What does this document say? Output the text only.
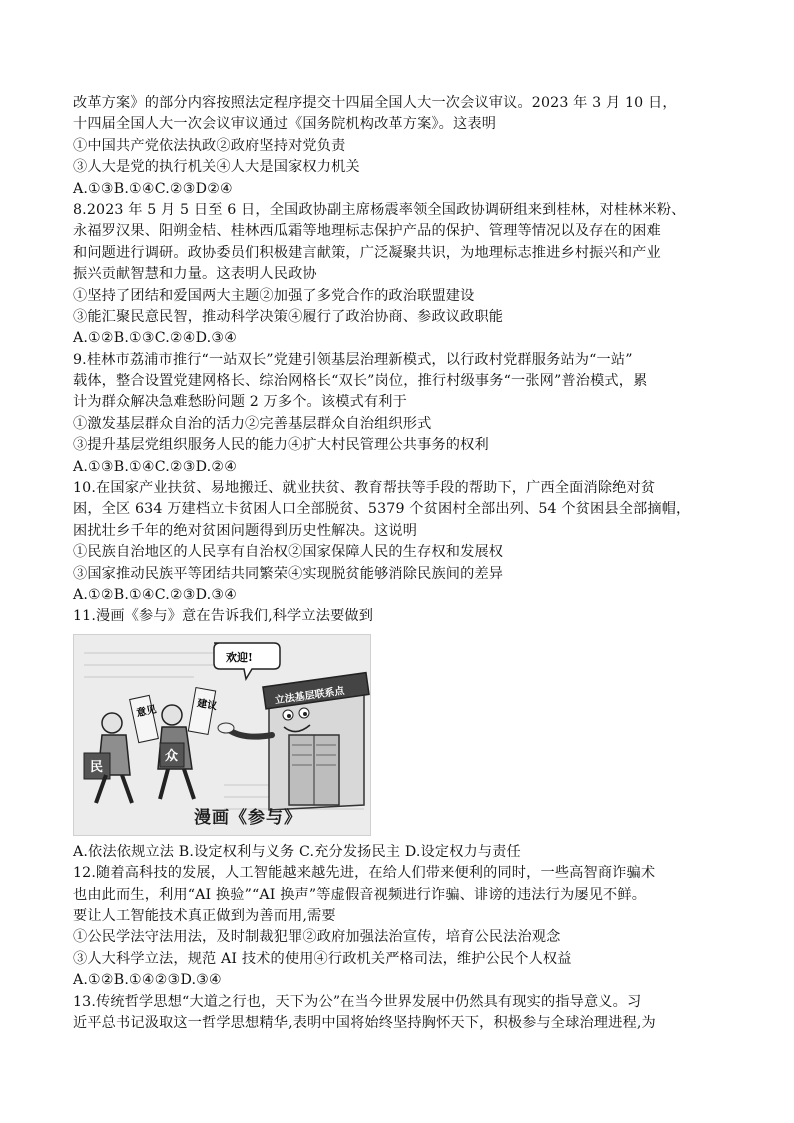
改革方案》的部分内容按照法定程序提交十四届全国人大一次会议审议。2023 年 3 月 10 日，
十四届全国人大一次会议审议通过《国务院机构改革方案》。这表明
①中国共产党依法执政②政府坚持对党负责
③人大是党的执行机关④人大是国家权力机关
A.①③B.①④C.②③D②④
8.2023 年 5 月 5 日至 6 日，全国政协副主席杨震率领全国政协调研组来到桂林，对桂林米粉、
永福罗汉果、阳朔金桔、桂林西瓜霜等地理标志保护产品的保护、管理等情况以及存在的困难
和问题进行调研。政协委员们积极建言献策，广泛凝聚共识，为地理标志推进乡村振兴和产业
振兴贡献智慧和力量。这表明人民政协
①坚持了团结和爱国两大主题②加强了多党合作的政治联盟建设
③能汇聚民意民智，推动科学决策④履行了政治协商、参政议政职能
A.①②B.①③C.②④D.③④
9.桂林市荔浦市推行“一站双长”党建引领基层治理新模式，以行政村党群服务站为“一站”
载体，整合设置党建网格长、综治网格长“双长”岗位，推行村级事务“一张网”普治模式，累
计为群众解决急难愁盼问题 2 万多个。该模式有利于
①激发基层群众自治的活力②完善基层群众自治组织形式
③提升基层党组织服务人民的能力④扩大村民管理公共事务的权利
A.①③B.①④C.②③D.②④
10.在国家产业扶贫、易地搬迁、就业扶贫、教育帮扶等手段的帮助下，广西全面消除绝对贫
困，全区 634 万建档立卡贫困人口全部脱贫、5379 个贫困村全部出列、54 个贫困县全部摘帽，
困扰壮乡千年的绝对贫困问题得到历史性解决。这说明
①民族自治地区的人民享有自治权②国家保障人民的生存权和发展权
③国家推动民族平等团结共同繁荣④实现脱贫能够消除民族间的差异
A.①②B.①④C.②③D.③④
11.漫画《参与》意在告诉我们,科学立法要做到
立法基层联系点
欢迎!
民
意见
众
建议
漫画《参与》
A.依法依规立法 B.设定权利与义务 C.充分发扬民主 D.设定权力与责任
12.随着高科技的发展，人工智能越来越先进，在给人们带来便利的同时，一些高智商诈骗术
也由此而生，利用“AI 换验”“AI 换声”等虚假音视频进行诈骗、诽谤的违法行为屡见不鲜。
要让人工智能技术真正做到为善而用,需要
①公民学法守法用法，及时制裁犯罪②政府加强法治宣传，培育公民法治观念
③人大科学立法，规范 AI 技术的使用④行政机关严格司法，维护公民个人权益
A.①②B.①④②③D.③④
13.传统哲学思想“大道之行也，天下为公”在当今世界发展中仍然具有现实的指导意义。习
近平总书记汲取这一哲学思想精华,表明中国将始终坚持胸怀天下，积极参与全球治理进程,为
